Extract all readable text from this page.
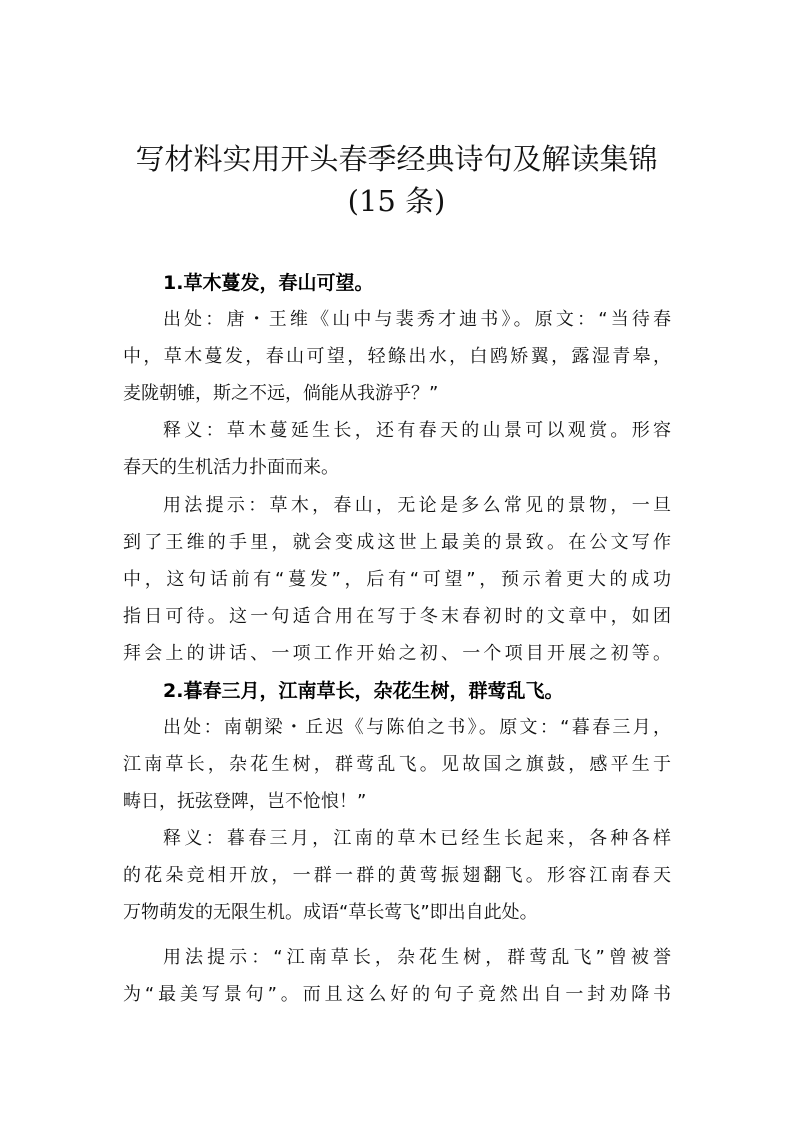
写材料实用开头春季经典诗句及解读集锦
(15 条)
1.草木蔓发，春山可望。
出处：唐・王维《山中与裴秀才迪书》。原文：“当待春
中，草木蔓发，春山可望，轻鲦出水，白鸥矫翼，露湿青皋，
麦陇朝雊，斯之不远，倘能从我游乎？”
释义：草木蔓延生长，还有春天的山景可以观赏。形容
春天的生机活力扑面而来。
用法提示：草木，春山，无论是多么常见的景物，一旦
到了王维的手里，就会变成这世上最美的景致。在公文写作
中，这句话前有“蔓发”，后有“可望”，预示着更大的成功
指日可待。这一句适合用在写于冬末春初时的文章中，如团
拜会上的讲话、一项工作开始之初、一个项目开展之初等。
2.暮春三月，江南草长，杂花生树，群莺乱飞。
出处：南朝梁・丘迟《与陈伯之书》。原文：“暮春三月，
江南草长，杂花生树，群莺乱飞。见故国之旗鼓，感平生于
畴日，抚弦登陴，岂不怆悢！”
释义：暮春三月，江南的草木已经生长起来，各种各样
的花朵竞相开放，一群一群的黄莺振翅翻飞。形容江南春天
万物萌发的无限生机。成语“草长莺飞”即出自此处。
用法提示：“江南草长，杂花生树，群莺乱飞”曾被誉
为“最美写景句”。而且这么好的句子竟然出自一封劝降书
